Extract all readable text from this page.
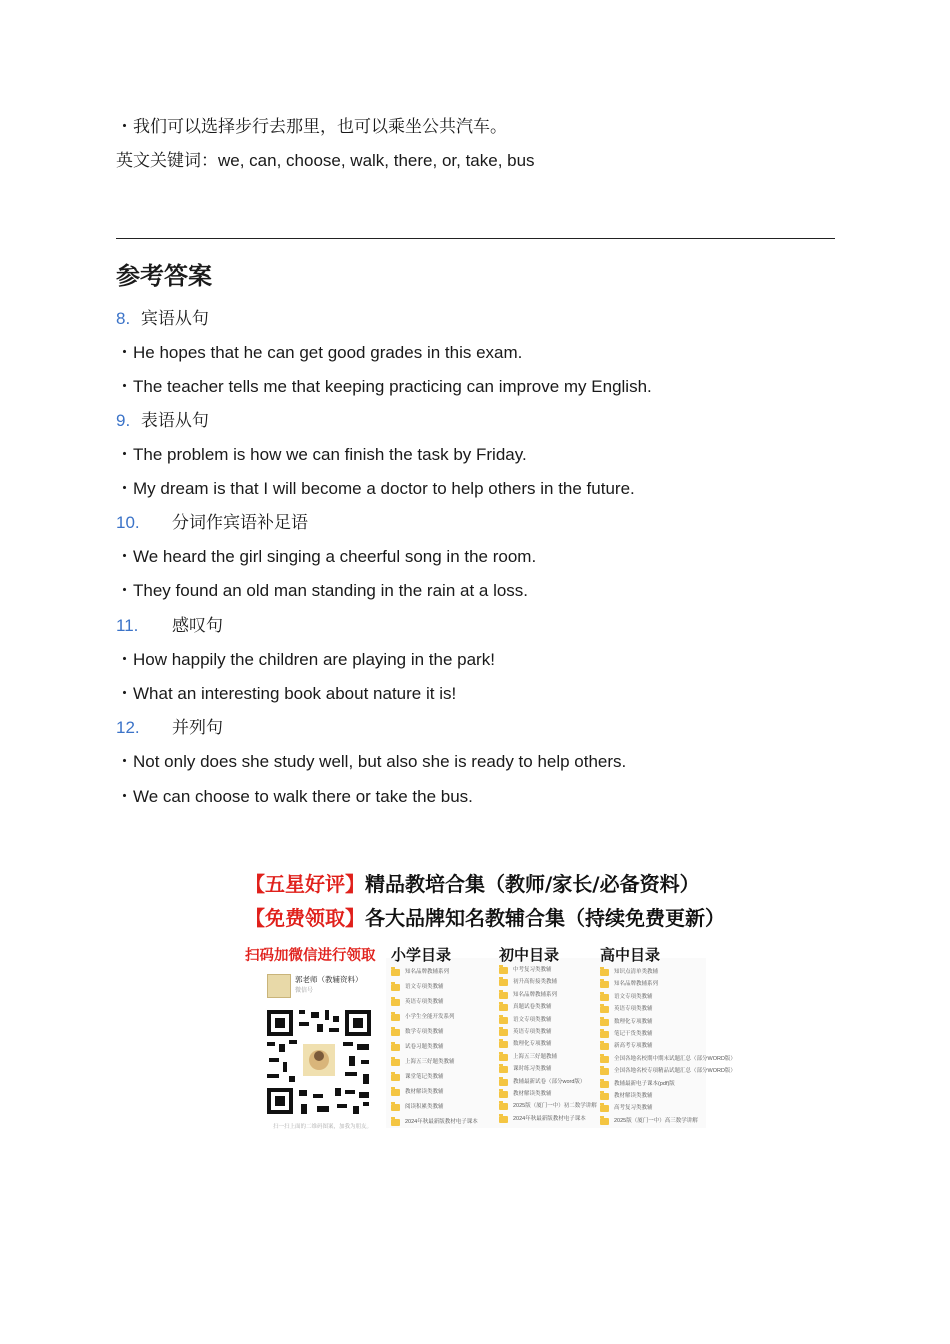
・我们可以选择步行去那里，也可以乘坐公共汽车。
英文关键词：we, can, choose, walk, there, or, take, bus
参考答案
8. 宾语从句
・He hopes that he can get good grades in this exam.
・The teacher tells me that keeping practicing can improve my English.
9. 表语从句
・The problem is how we can finish the task by Friday.
・My dream is that I will become a doctor to help others in the future.
10. 分词作宾语补足语
・We heard the girl singing a cheerful song in the room.
・They found an old man standing in the rain at a loss.
11. 感叹句
・How happily the children are playing in the park!
・What an interesting book about nature it is!
12. 并列句
・Not only does she study well, but also she is ready to help others.
・We can choose to walk there or take the bus.
【五星好评】精品教培合集（教师/家长/必备资料）
【免费领取】各大品牌知名教辅合集（持续免费更新）
扫码加微信进行领取
郭老师（教辅资料）
微信号
扫一扫上面的二维码图案，加我为朋友。
小学目录	初中目录	高中目录
知名品牌教辅系列
语文专项类教辅
英语专项类教辅
小学生全能开发系列
数学专项类教辅
试卷习题类教辅
上海五三好题类教辅
课堂笔记类教辅
教材解读类教辅
阅读积累类教辅
2024年秋最新版教材电子课本
中考复习类教辅
初升高衔接类教辅
知名品牌教辅系列
真题试卷类教辅
语文专项类教辅
英语专项类教辅
数理化专项教辅
上海五三好题教辅
课时练习类教辅
教辅最新试卷（部分word版）
教材解读类教辅
2025版（厦门一中）初二数学讲解
2024年秋最新版教材电子课本
知识点清单类教辅
知名品牌教辅系列
语文专项类教辅
英语专项类教辅
数理化专项教辅
笔记干货类教辅
新高考专项教辅
全国各地名校期中期末试题汇总（部分WORD版）
全国各地名校专项精品试题汇总（部分WORD版）
教辅最新电子课本(pdf)版
教材解读类教辅
高考复习类教辅
2025版（厦门一中）高三数学讲解
